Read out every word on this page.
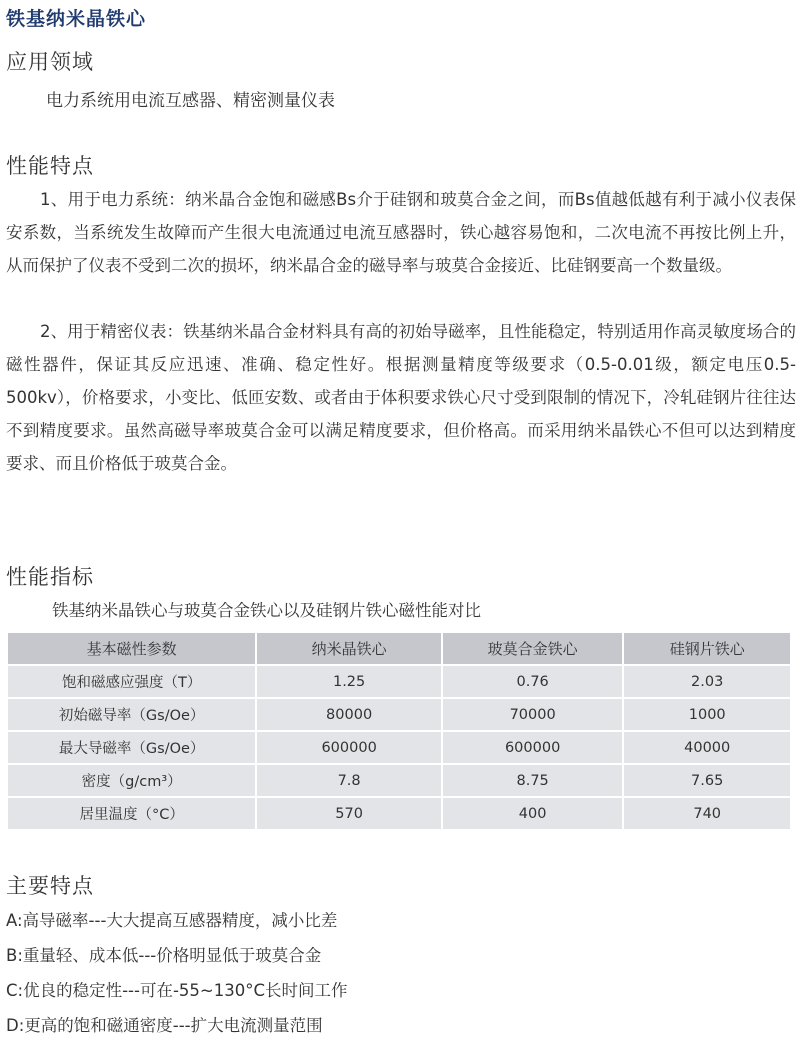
铁基纳米晶铁心
应用领域
电力系统用电流互感器、精密测量仪表
性能特点
1、用于电力系统：纳米晶合金饱和磁感Bs介于硅钢和玻莫合金之间，而Bs值越低越有利于减小仪表保安系数，当系统发生故障而产生很大电流通过电流互感器时，铁心越容易饱和，二次电流不再按比例上升，从而保护了仪表不受到二次的损坏，纳米晶合金的磁导率与玻莫合金接近、比硅钢要高一个数量级。
2、用于精密仪表：铁基纳米晶合金材料具有高的初始导磁率，且性能稳定，特别适用作高灵敏度场合的磁性器件，保证其反应迅速、准确、稳定性好。根据测量精度等级要求（0.5-0.01级，额定电压0.5-500kv），价格要求，小变比、低匝安数、或者由于体积要求铁心尺寸受到限制的情况下，冷轧硅钢片往往达不到精度要求。虽然高磁导率玻莫合金可以满足精度要求，但价格高。而采用纳米晶铁心不但可以达到精度要求、而且价格低于玻莫合金。
性能指标
铁基纳米晶铁心与玻莫合金铁心以及硅钢片铁心磁性能对比
基本磁性参数	纳米晶铁心	玻莫合金铁心	硅钢片铁心
饱和磁感应强度（T）	1.25	0.76	2.03
初始磁导率（Gs/Oe）	80000	70000	1000
最大导磁率（Gs/Oe）	600000	600000	40000
密度（g/cm³）	7.8	8.75	7.65
居里温度（°C）	570	400	740
主要特点
A:高导磁率---大大提高互感器精度，减小比差
B:重量轻、成本低---价格明显低于玻莫合金
C:优良的稳定性---可在-55~130°C长时间工作
D:更高的饱和磁通密度---扩大电流测量范围
